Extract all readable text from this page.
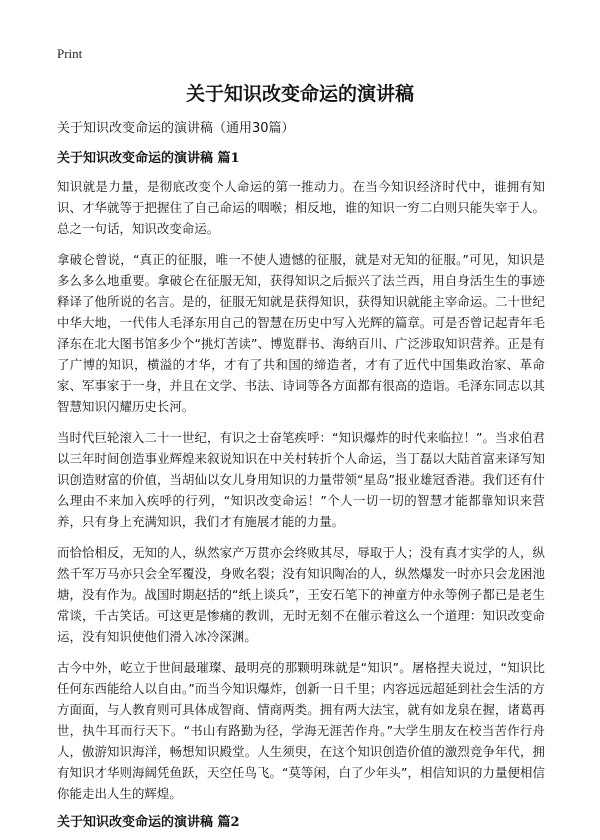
Print
关于知识改变命运的演讲稿

关于知识改变命运的演讲稿（通用30篇）

关于知识改变命运的演讲稿 篇1

知识就是力量，是彻底改变个人命运的第一推动力。在当今知识经济时代中，谁拥有知识、才华就等于把握住了自己命运的咽喉；相反地，谁的知识一穷二白则只能失宰于人。总之一句话，知识改变命运。

拿破仑曾说，“真正的征服，唯一不使人遗憾的征服，就是对无知的征服。”可见，知识是多么多么地重要。拿破仑在征服无知，获得知识之后振兴了法兰西，用自身活生生的事迹释译了他所说的名言。是的，征服无知就是获得知识，获得知识就能主宰命运。二十世纪中华大地，一代伟人毛泽东用自己的智慧在历史中写入光辉的篇章。可是否曾记起青年毛泽东在北大图书馆多少个“挑灯苦读”、博览群书、海纳百川、广泛涉取知识营养。正是有了广博的知识，横溢的才华，才有了共和国的缔造者，才有了近代中国集政治家、革命家、军事家于一身，并且在文学、书法、诗词等各方面都有很高的造诣。毛泽东同志以其智慧知识闪耀历史长河。

当时代巨轮滚入二十一世纪，有识之士奋笔疾呼：“知识爆炸的时代来临拉！”。当求伯君以三年时间创造事业辉煌来叙说知识在中关村转折个人命运，当丁磊以大陆首富来译写知识创造财富的价值，当胡仙以女儿身用知识的力量带领“星岛”报业雄冠香港。我们还有什么理由不来加入疾呼的行列，“知识改变命运！”个人一切一切的智慧才能都靠知识来营养，只有身上充满知识，我们才有施展才能的力量。

而恰恰相反，无知的人，纵然家产万贯亦会终败其尽，辱取于人；没有真才实学的人，纵然千军万马亦只会全军覆没，身败名裂；没有知识陶冶的人，纵然爆发一时亦只会龙困池塘，没有作为。战国时期赵括的“纸上谈兵”，王安石笔下的神童方仲永等例子都已是老生常谈，千古笑话。可这更是惨痛的教训，无时无刻不在催示着这么一个道理：知识改变命运，没有知识使他们滑入冰冷深渊。

古今中外，屹立于世间最璀璨、最明亮的那颗明珠就是“知识”。屠格捏夫说过，“知识比任何东西能给人以自由。”而当今知识爆炸，创新一日千里；内容远远超延到社会生活的方方面面，与人教育则可具体成智商、情商两类。拥有两大法宝，就有如龙泉在握，诸葛再世，执牛耳而行天下。“书山有路勤为径，学海无涯苦作舟。”大学生朋友在校当苦作行舟人，傲游知识海洋，畅想知识殿堂。人生须臾，在这个知识创造价值的激烈竞争年代，拥有知识才华则海阔凭鱼跃，天空任鸟飞。“莫等闲，白了少年头”，相信知识的力量便相信你能走出人生的辉煌。

关于知识改变命运的演讲稿 篇2
